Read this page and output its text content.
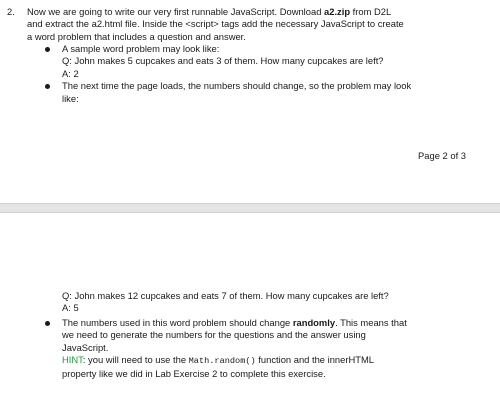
2. Now we are going to write our very first runnable JavaScript. Download a2.zip from D2L
and extract the a2.html file. Inside the <script> tags add the necessary JavaScript to create
a word problem that includes a question and answer.
A sample word problem may look like:
Q: John makes 5 cupcakes and eats 3 of them. How many cupcakes are left?
A: 2
The next time the page loads, the numbers should change, so the problem may look
like:
Page 2 of 3
Q: John makes 12 cupcakes and eats 7 of them. How many cupcakes are left?
A: 5
The numbers used in this word problem should change randomly. This means that
we need to generate the numbers for the questions and the answer using
JavaScript.
HINT: you will need to use the Math.random() function and the innerHTML
property like we did in Lab Exercise 2 to complete this exercise.
